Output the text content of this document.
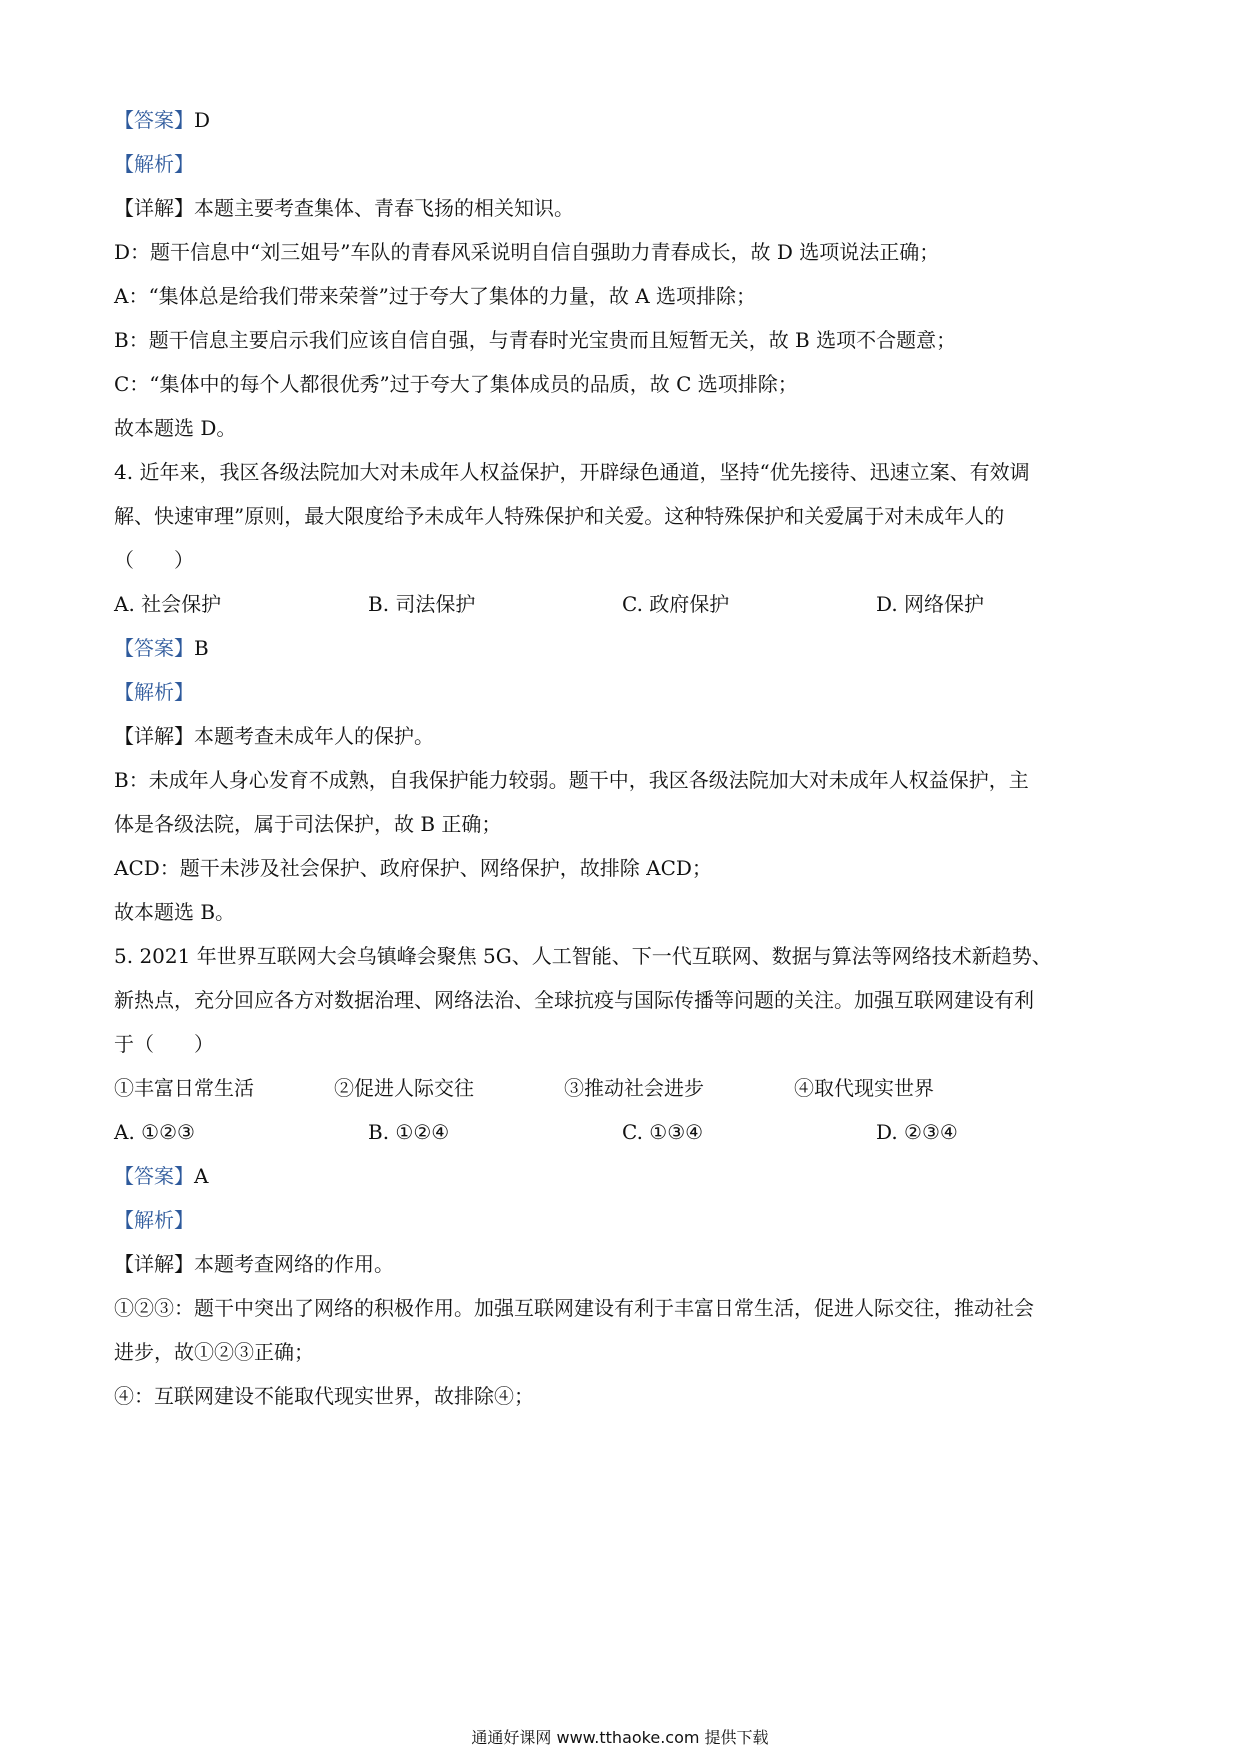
【答案】D
【解析】
【详解】本题主要考查集体、青春飞扬的相关知识。
D：题干信息中“刘三姐号”车队的青春风采说明自信自强助力青春成长，故 D 选项说法正确；
A：“集体总是给我们带来荣誉”过于夸大了集体的力量，故 A 选项排除；
B：题干信息主要启示我们应该自信自强，与青春时光宝贵而且短暂无关，故 B 选项不合题意；
C：“集体中的每个人都很优秀”过于夸大了集体成员的品质，故 C 选项排除；
故本题选 D。
4. 近年来，我区各级法院加大对未成年人权益保护，开辟绿色通道，坚持“优先接待、迅速立案、有效调
解、快速审理”原则，最大限度给予未成年人特殊保护和关爱。这种特殊保护和关爱属于对未成年人的
（　　）
A. 社会保护	B. 司法保护	C. 政府保护	D. 网络保护
【答案】B
【解析】
【详解】本题考查未成年人的保护。
B：未成年人身心发育不成熟，自我保护能力较弱。题干中，我区各级法院加大对未成年人权益保护，主
体是各级法院，属于司法保护，故 B 正确；
ACD：题干未涉及社会保护、政府保护、网络保护，故排除 ACD；
故本题选 B。
5. 2021 年世界互联网大会乌镇峰会聚焦 5G、人工智能、下一代互联网、数据与算法等网络技术新趋势、
新热点，充分回应各方对数据治理、网络法治、全球抗疫与国际传播等问题的关注。加强互联网建设有利
于（　　）
①丰富日常生活	②促进人际交往	③推动社会进步	④取代现实世界
A. ①②③	B. ①②④	C. ①③④	D. ②③④
【答案】A
【解析】
【详解】本题考查网络的作用。
①②③：题干中突出了网络的积极作用。加强互联网建设有利于丰富日常生活，促进人际交往，推动社会
进步，故①②③正确；
④：互联网建设不能取代现实世界，故排除④；
通通好课网 www.tthaoke.com 提供下载
